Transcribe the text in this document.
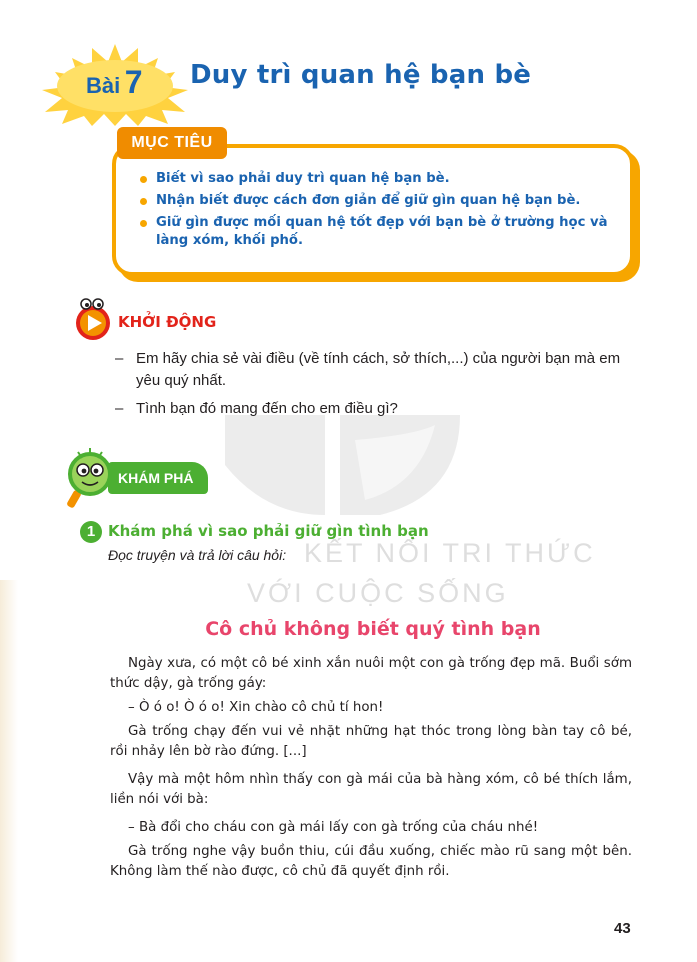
KẾT NỐI TRI THỨC
VỚI CUỘC SỐNG
Bài 7 Duy trì quan hệ bạn bè
MỤC TIÊU
Biết vì sao phải duy trì quan hệ bạn bè.
Nhận biết được cách đơn giản để giữ gìn quan hệ bạn bè.
Giữ gìn được mối quan hệ tốt đẹp với bạn bè ở trường học và làng xóm, khối phố.
KHỞI ĐỘNG
– Em hãy chia sẻ vài điều (về tính cách, sở thích,...) của người bạn mà em yêu quý nhất.
– Tình bạn đó mang đến cho em điều gì?
KHÁM PHÁ
1 Khám phá vì sao phải giữ gìn tình bạn
Đọc truyện và trả lời câu hỏi:
Cô chủ không biết quý tình bạn

Ngày xưa, có một cô bé xinh xắn nuôi một con gà trống đẹp mã. Buổi sớm thức dậy, gà trống gáy:

– Ò ó o! Ò ó o! Xin chào cô chủ tí hon!

Gà trống chạy đến vui vẻ nhặt những hạt thóc trong lòng bàn tay cô bé, rồi nhảy lên bờ rào đứng. [...]

Vậy mà một hôm nhìn thấy con gà mái của bà hàng xóm, cô bé thích lắm, liền nói với bà:

– Bà đổi cho cháu con gà mái lấy con gà trống của cháu nhé!

Gà trống nghe vậy buồn thiu, cúi đầu xuống, chiếc mào rũ sang một bên. Không làm thế nào được, cô chủ đã quyết định rồi.

43
